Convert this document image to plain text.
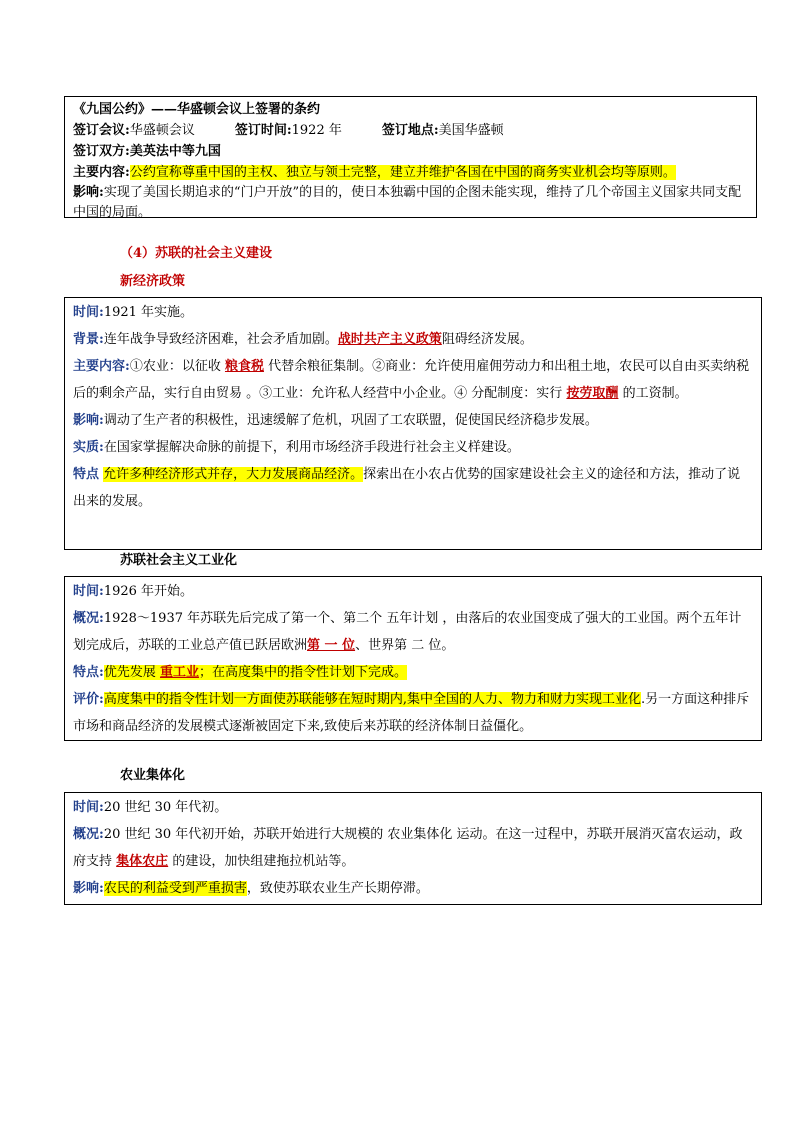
《九国公约》——华盛顿会议上签署的条约
签订会议:华盛顿会议	签订时间:1922 年	签订地点:美国华盛顿
签订双方:美英法中等九国
主要内容:公约宣称尊重中国的主权、独立与领土完整，建立并维护各国在中国的商务实业机会均等原则。
影响:实现了美国长期追求的“门户开放”的目的，使日本独霸中国的企图未能实现，维持了几个帝国主义国家共同支配中国的局面。
（4）苏联的社会主义建设
新经济政策
时间:1921 年实施。
背景:连年战争导致经济困难，社会矛盾加剧。战时共产主义政策阻碍经济发展。
主要内容:①农业：以征收 粮食税 代替余粮征集制。②商业：允许使用雇佣劳动力和出租土地，农民可以自由买卖纳税后的剩余产品，实行自由贸易 。③工业：允许私人经营中小企业。④ 分配制度：实行 按劳取酬 的工资制。
影响:调动了生产者的积极性，迅速缓解了危机，巩固了工农联盟，促使国民经济稳步发展。
实质:在国家掌握解决命脉的前提下，利用市场经济手段进行社会主义样建设。
特点 允许多种经济形式并存，大力发展商品经济。探索出在小农占优势的国家建设社会主义的途径和方法，推动了说出来的发展。
苏联社会主义工业化
时间:1926 年开始。
概况:1928～1937 年苏联先后完成了第一个、第二个 五年计划 ，由落后的农业国变成了强大的工业国。两个五年计划完成后，苏联的工业总产值已跃居欧洲第 一 位、世界第 二 位。
特点:优先发展 重工业；在高度集中的指令性计划下完成。
评价:高度集中的指令性计划一方面使苏联能够在短时期内,集中全国的人力、物力和财力实现工业化.另一方面这种排斥市场和商品经济的发展模式逐渐被固定下来,致使后来苏联的经济体制日益僵化。
农业集体化
时间:20 世纪 30 年代初。
概况:20 世纪 30 年代初开始，苏联开始进行大规模的 农业集体化 运动。在这一过程中，苏联开展消灭富农运动，政府支持 集体农庄 的建设，加快组建拖拉机站等。
影响:农民的利益受到严重损害，致使苏联农业生产长期停滞。
